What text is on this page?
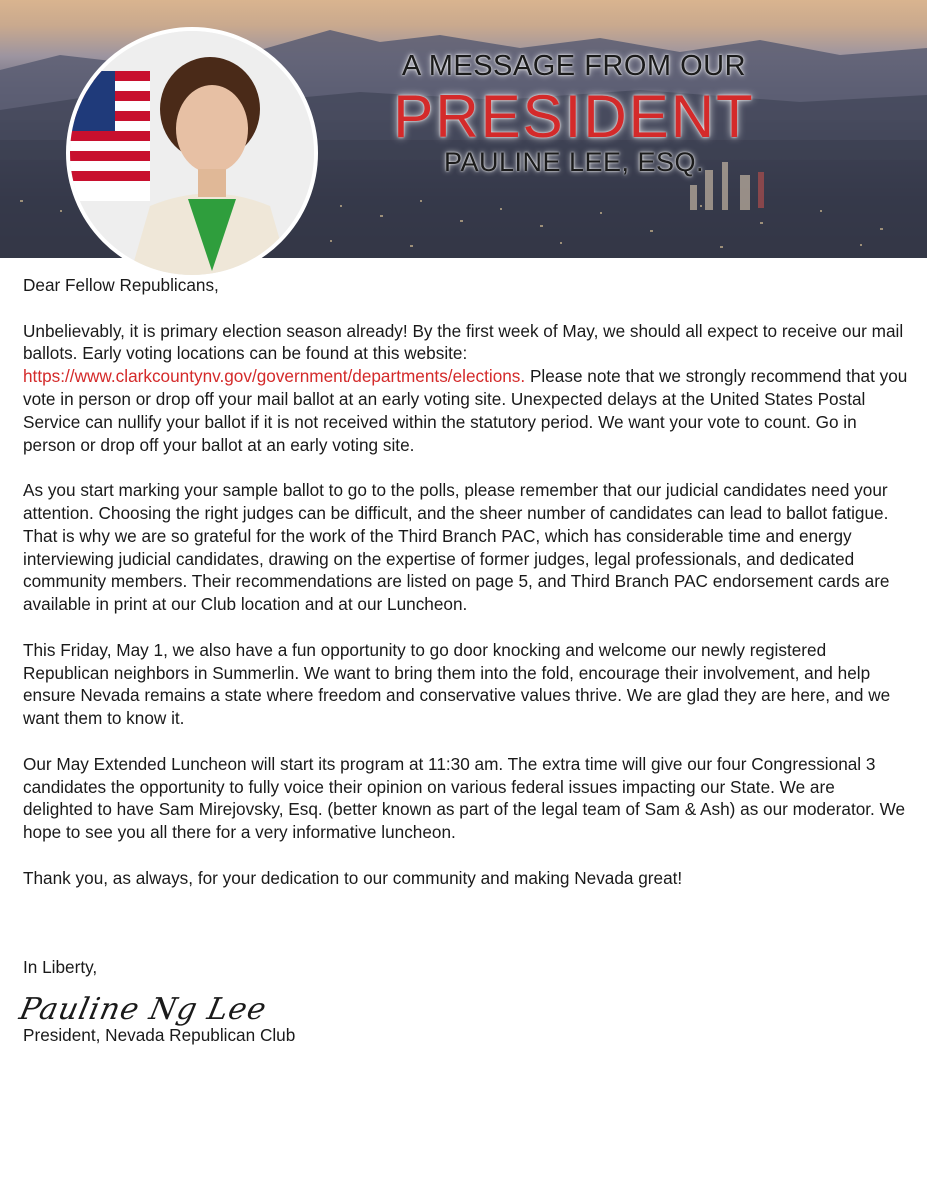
A MESSAGE FROM OUR
PRESIDENT
PAULINE LEE, ESQ.

Dear Fellow Republicans,

Unbelievably, it is primary election season already! By the first week of May, we should all expect to receive our mail ballots. Early voting locations can be found at this website: https://www.clarkcountynv.gov/government/departments/elections. Please note that we strongly recommend that you vote in person or drop off your mail ballot at an early voting site. Unexpected delays at the United States Postal Service can nullify your ballot if it is not received within the statutory period. We want your vote to count. Go in person or drop off your ballot at an early voting site.

As you start marking your sample ballot to go to the polls, please remember that our judicial candidates need your attention. Choosing the right judges can be difficult, and the sheer number of candidates can lead to ballot fatigue. That is why we are so grateful for the work of the Third Branch PAC, which has considerable time and energy interviewing judicial candidates, drawing on the expertise of former judges, legal professionals, and dedicated community members. Their recommendations are listed on page 5, and Third Branch PAC endorsement cards are available in print at our Club location and at our Luncheon.

This Friday, May 1, we also have a fun opportunity to go door knocking and welcome our newly registered Republican neighbors in Summerlin. We want to bring them into the fold, encourage their involvement, and help ensure Nevada remains a state where freedom and conservative values thrive. We are glad they are here, and we want them to know it.

Our May Extended Luncheon will start its program at 11:30 am. The extra time will give our four Congressional 3 candidates the opportunity to fully voice their opinion on various federal issues impacting our State. We are delighted to have Sam Mirejovsky, Esq. (better known as part of the legal team of Sam & Ash) as our moderator. We hope to see you all there for a very informative luncheon.

Thank you, as always, for your dedication to our community and making Nevada great!

In Liberty,
Pauline Ng Lee
President, Nevada Republican Club
